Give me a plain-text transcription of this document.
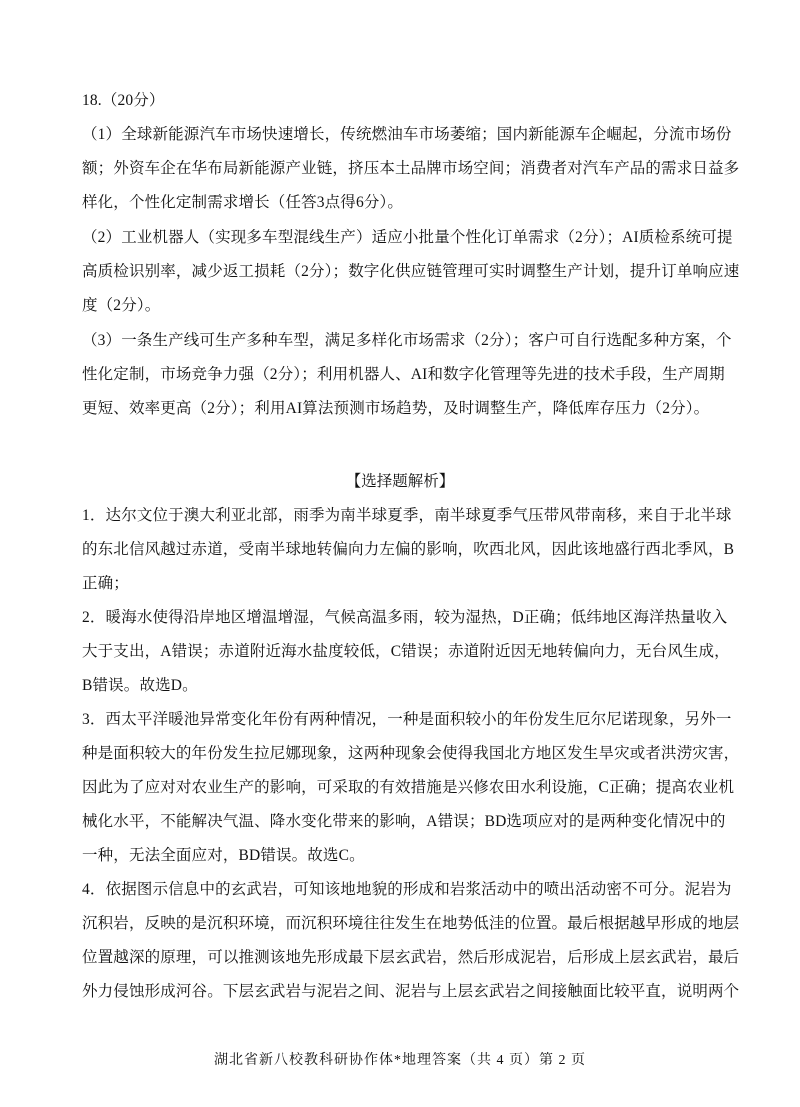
18.（20分）
（1）全球新能源汽车市场快速增长，传统燃油车市场萎缩；国内新能源车企崛起，分流市场份
额；外资车企在华布局新能源产业链，挤压本土品牌市场空间；消费者对汽车产品的需求日益多
样化，个性化定制需求增长（任答3点得6分）。
（2）工业机器人（实现多车型混线生产）适应小批量个性化订单需求（2分）；AI质检系统可提
高质检识别率，减少返工损耗（2分）；数字化供应链管理可实时调整生产计划，提升订单响应速
度（2分）。
（3）一条生产线可生产多种车型，满足多样化市场需求（2分）；客户可自行选配多种方案，个
性化定制，市场竞争力强（2分）；利用机器人、AI和数字化管理等先进的技术手段，生产周期
更短、效率更高（2分）；利用AI算法预测市场趋势，及时调整生产，降低库存压力（2分）。
【选择题解析】
1．达尔文位于澳大利亚北部，雨季为南半球夏季，南半球夏季气压带风带南移，来自于北半球
的东北信风越过赤道，受南半球地转偏向力左偏的影响，吹西北风，因此该地盛行西北季风，B
正确；
2．暖海水使得沿岸地区增温增湿，气候高温多雨，较为湿热，D正确；低纬地区海洋热量收入
大于支出，A错误；赤道附近海水盐度较低，C错误；赤道附近因无地转偏向力，无台风生成，
B错误。故选D。
3．西太平洋暖池异常变化年份有两种情况，一种是面积较小的年份发生厄尔尼诺现象，另外一
种是面积较大的年份发生拉尼娜现象，这两种现象会使得我国北方地区发生旱灾或者洪涝灾害，
因此为了应对对农业生产的影响，可采取的有效措施是兴修农田水利设施，C正确；提高农业机
械化水平，不能解决气温、降水变化带来的影响，A错误；BD选项应对的是两种变化情况中的
一种，无法全面应对，BD错误。故选C。
4．依据图示信息中的玄武岩，可知该地地貌的形成和岩浆活动中的喷出活动密不可分。泥岩为
沉积岩，反映的是沉积环境，而沉积环境往往发生在地势低洼的位置。最后根据越早形成的地层
位置越深的原理，可以推测该地先形成最下层玄武岩，然后形成泥岩，后形成上层玄武岩，最后
外力侵蚀形成河谷。下层玄武岩与泥岩之间、泥岩与上层玄武岩之间接触面比较平直，说明两个
湖北省新八校教科研协作体*地理答案（共 4 页）第 2 页
